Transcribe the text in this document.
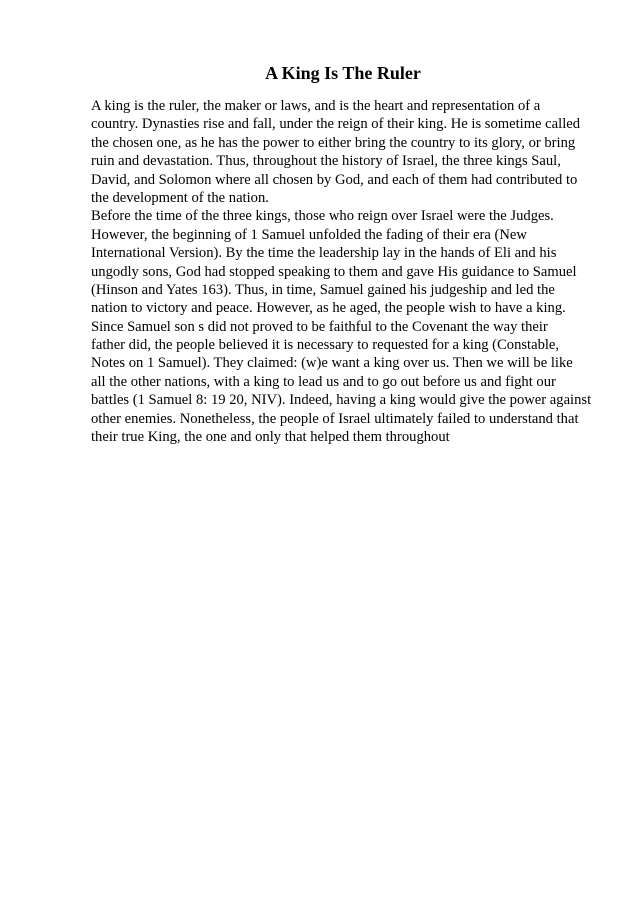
A King Is The Ruler
A king is the ruler, the maker or laws, and is the heart and representation of a
country. Dynasties rise and fall, under the reign of their king. He is sometime called
the chosen one, as he has the power to either bring the country to its glory, or bring
ruin and devastation. Thus, throughout the history of Israel, the three kings Saul,
David, and Solomon where all chosen by God, and each of them had contributed to
the development of the nation.
Before the time of the three kings, those who reign over Israel were the Judges.
However, the beginning of 1 Samuel unfolded the fading of their era (New
International Version). By the time the leadership lay in the hands of Eli and his
ungodly sons, God had stopped speaking to them and gave His guidance to Samuel
(Hinson and Yates 163). Thus, in time, Samuel gained his judgeship and led the
nation to victory and peace. However, as he aged, the people wish to have a king.
Since Samuel son s did not proved to be faithful to the Covenant the way their
father did, the people believed it is necessary to requested for a king (Constable,
Notes on 1 Samuel). They claimed: (w)e want a king over us. Then we will be like
all the other nations, with a king to lead us and to go out before us and fight our
battles (1 Samuel 8: 19 20, NIV). Indeed, having a king would give the power against
other enemies. Nonetheless, the people of Israel ultimately failed to understand that
their true King, the one and only that helped them throughout
